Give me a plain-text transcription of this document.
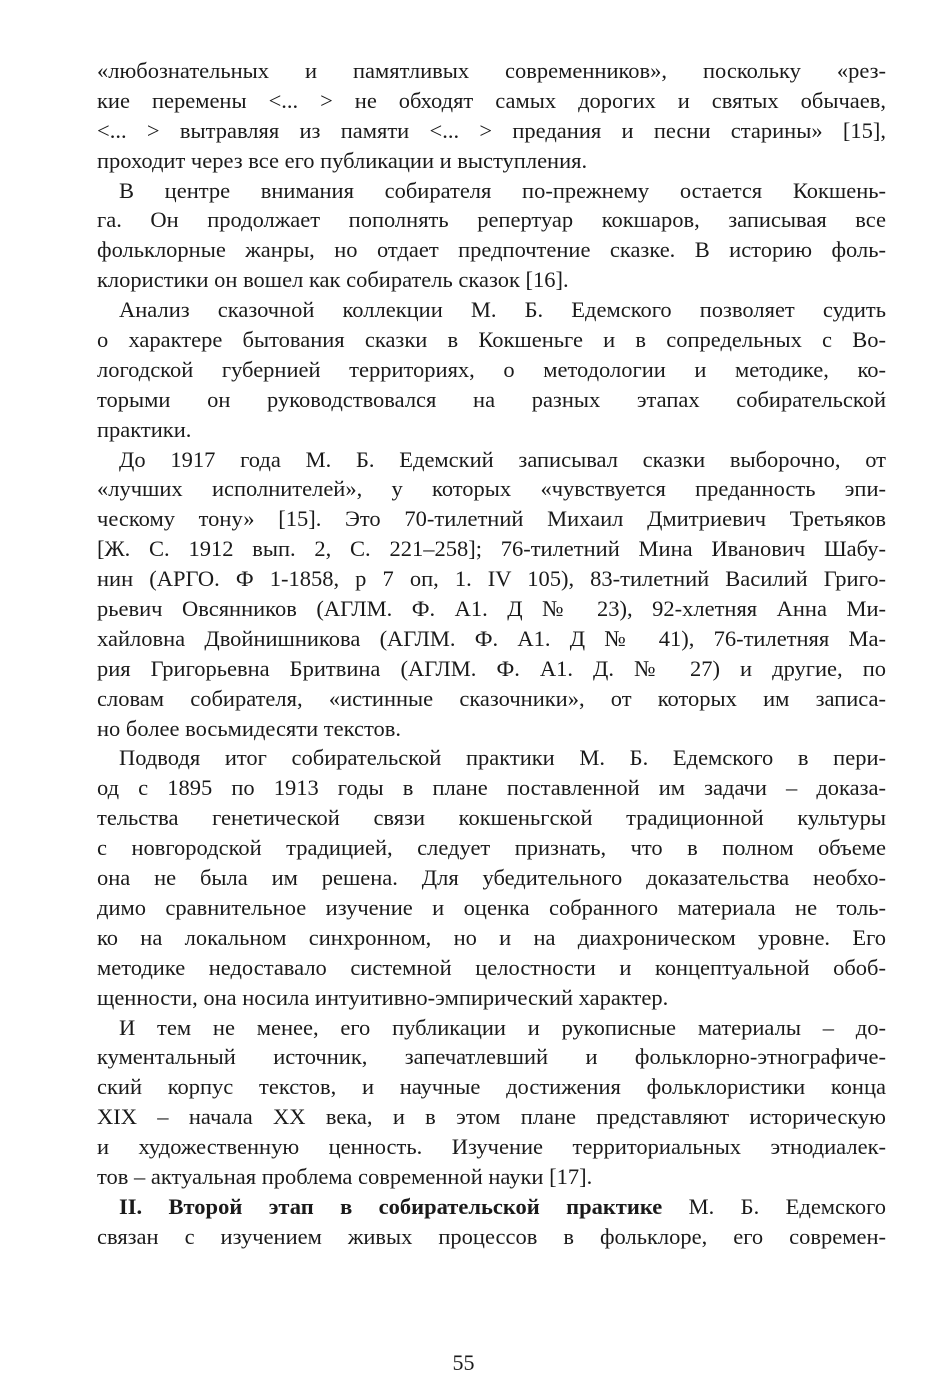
«любознательных и памятливых современников», поскольку «рез-
кие перемены <... > не обходят самых дорогих и святых обычаев,
<... > вытравляя из памяти <... > предания и песни старины» [15],
проходит через все его публикации и выступления.
В центре внимания собирателя по-прежнему остается Кокшень-
га. Он продолжает пополнять репертуар кокшаров, записывая все
фольклорные жанры, но отдает предпочтение сказке. В историю фоль-
клористики он вошел как собиратель сказок [16].
Анализ сказочной коллекции М. Б. Едемского позволяет судить
о характере бытования сказки в Кокшеньге и в сопредельных с Во-
логодской губернией территориях, о методологии и методике, ко-
торыми он руководствовался на разных этапах собирательской
практики.
До 1917 года М. Б. Едемский записывал сказки выборочно, от
«лучших исполнителей», у которых «чувствуется преданность эпи-
ческому тону» [15]. Это 70-тилетний Михаил Дмитриевич Третьяков
[Ж. С. 1912 вып. 2, С. 221–258]; 76-тилетний Мина Иванович Шабу-
нин (АРГО. Ф 1-1858, р 7 оп, 1. IV 105), 83-тилетний Василий Григо-
рьевич Овсянников (АГЛМ. Ф. А1. Д № 23), 92-хлетняя Анна Ми-
хайловна Двойнишникова (АГЛМ. Ф. А1. Д № 41), 76-тилетняя Ма-
рия Григорьевна Бритвина (АГЛМ. Ф. А1. Д. № 27) и другие, по
словам собирателя, «истинные сказочники», от которых им записа-
но более восьмидесяти текстов.
Подводя итог собирательской практики М. Б. Едемского в пери-
од с 1895 по 1913 годы в плане поставленной им задачи – доказа-
тельства генетической связи кокшеньгской традиционной культуры
с новгородской традицией, следует признать, что в полном объеме
она не была им решена. Для убедительного доказательства необхо-
димо сравнительное изучение и оценка собранного материала не толь-
ко на локальном синхронном, но и на диахроническом уровне. Его
методике недоставало системной целостности и концептуальной обоб-
щенности, она носила интуитивно-эмпирический характер.
И тем не менее, его публикации и рукописные материалы – до-
кументальный источник, запечатлевший и фольклорно-этнографиче-
ский корпус текстов, и научные достижения фольклористики конца
XIX – начала XX века, и в этом плане представляют историческую
и художественную ценность. Изучение территориальных этнодиалек-
тов – актуальная проблема современной науки [17].
II. Второй этап в собирательской практике М. Б. Едемского
связан с изучением живых процессов в фольклоре, его современ-
55
